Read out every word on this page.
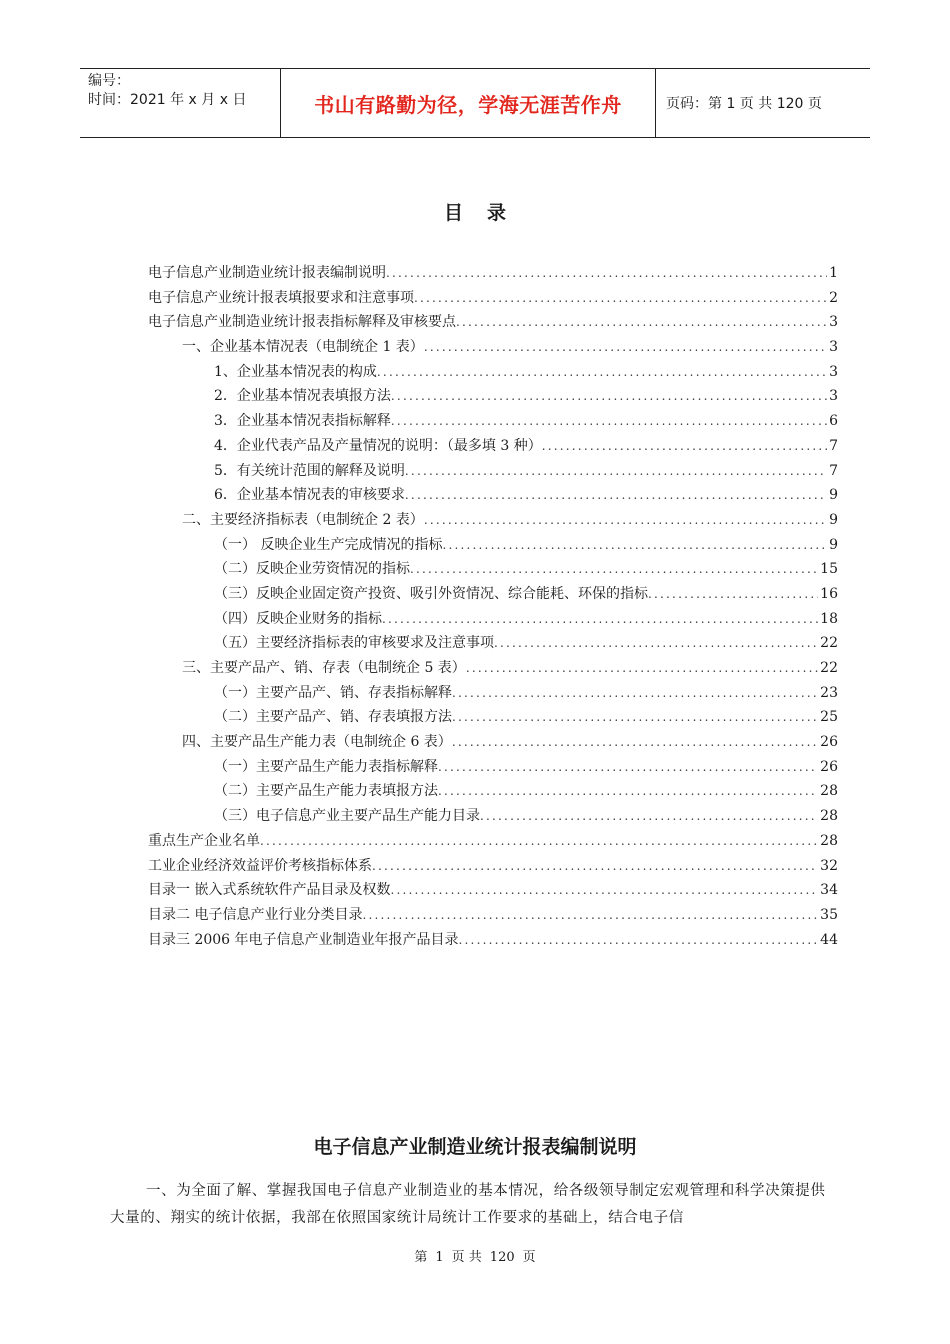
编号：
时间：2021 年 x 月 x 日	书山有路勤为径，学海无涯苦作舟	页码：第 1 页 共 120 页
目录
电子信息产业制造业统计报表编制说明 .....	1
电子信息产业统计报表填报要求和注意事项 .....	2
电子信息产业制造业统计报表指标解释及审核要点 .....	3
一、企业基本情况表（电制统企 1 表） .....	3
1、企业基本情况表的构成 .....	3
2．企业基本情况表填报方法 .....	3
3．企业基本情况表指标解释 .....	6
4．企业代表产品及产量情况的说明：（最多填 3 种） .....	7
5．有关统计范围的解释及说明 .....	7
6．企业基本情况表的审核要求 .....	9
二、主要经济指标表（电制统企 2 表） .....	9
（一） 反映企业生产完成情况的指标 .....	9
（二）反映企业劳资情况的指标 .....	15
（三）反映企业固定资产投资、吸引外资情况、综合能耗、环保的指标 .....	16
（四）反映企业财务的指标 .....	18
（五）主要经济指标表的审核要求及注意事项 .....	22
三、主要产品产、销、存表（电制统企 5 表） .....	22
（一）主要产品产、销、存表指标解释 .....	23
（二）主要产品产、销、存表填报方法 .....	25
四、主要产品生产能力表（电制统企 6 表） .....	26
（一）主要产品生产能力表指标解释 .....	26
（二）主要产品生产能力表填报方法 .....	28
（三）电子信息产业主要产品生产能力目录 .....	28
重点生产企业名单 .....	28
工业企业经济效益评价考核指标体系 .....	32
目录一 嵌入式系统软件产品目录及权数 .....	34
目录二 电子信息产业行业分类目录 .....	35
目录三 2006 年电子信息产业制造业年报产品目录 .....	44
电子信息产业制造业统计报表编制说明

一、为全面了解、掌握我国电子信息产业制造业的基本情况，给各级领导制定宏观管理和科学决策提供大量的、翔实的统计依据，我部在依照国家统计局统计工作要求的基础上，结合电子信

第 1 页 共 120 页
